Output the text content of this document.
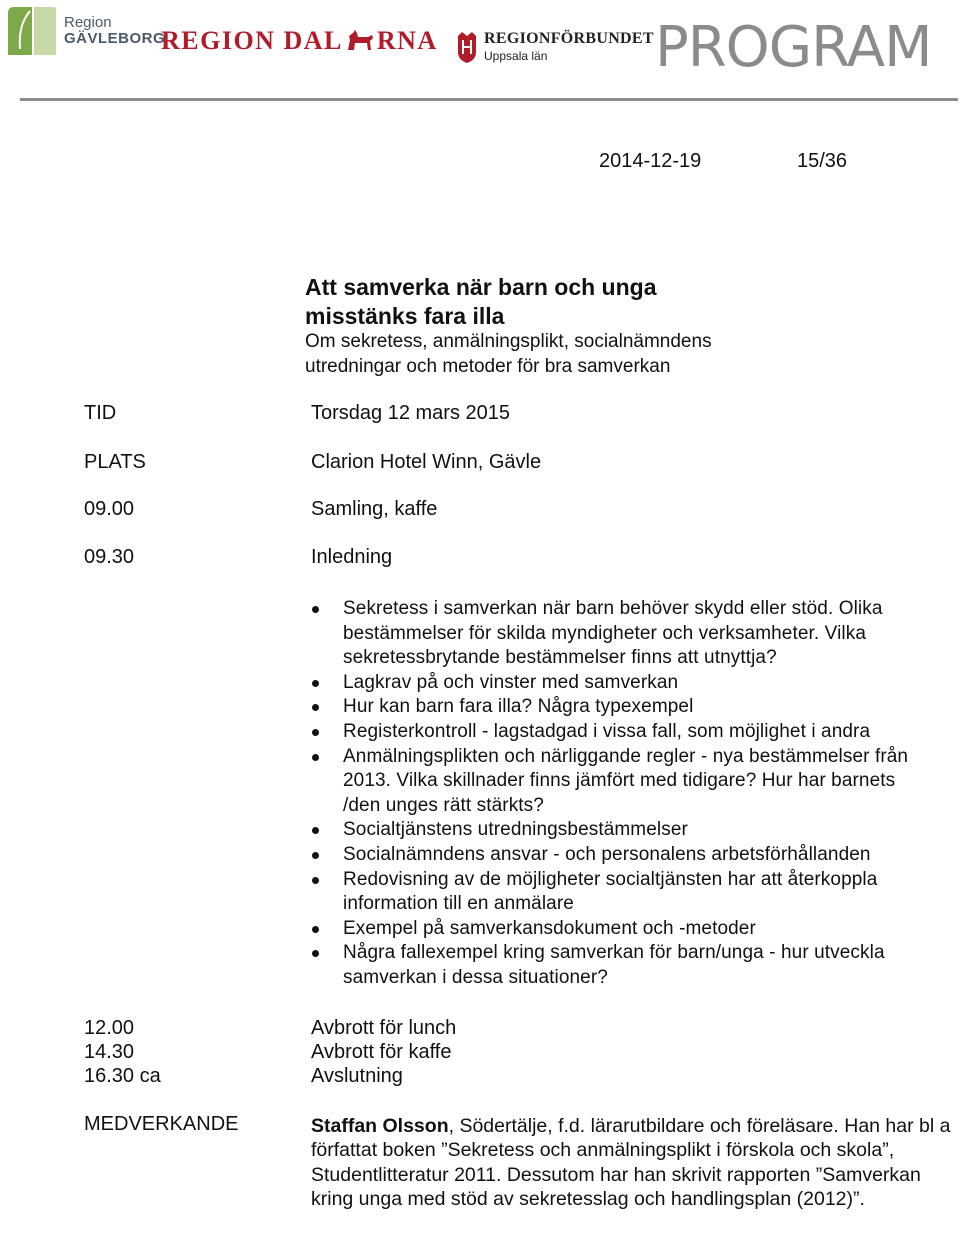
Region
GÄVLEBORG
REGION DAL RNA	REGIONFÖRBUNDET
Uppsala län	PROGRAM
2014-12-19	15/36
Att samverka när barn och unga misstänks fara illa
Om sekretess, anmälningsplikt, socialnämndens utredningar och metoder för bra samverkan
TID	Torsdag 12 mars 2015
PLATS	Clarion Hotel Winn, Gävle
09.00	Samling, kaffe
09.30	Inledning
Sekretess i samverkan när barn behöver skydd eller stöd. Olika bestämmelser för skilda myndigheter och verksamheter. Vilka sekretessbrytande bestämmelser finns att utnyttja?
Lagkrav på och vinster med samverkan
Hur kan barn fara illa? Några typexempel
Registerkontroll - lagstadgad i vissa fall, som möjlighet i andra
Anmälningsplikten och närliggande regler - nya bestämmelser från 2013. Vilka skillnader finns jämfört med tidigare? Hur har barnets /den unges rätt stärkts?
Socialtjänstens utredningsbestämmelser
Socialnämndens ansvar - och personalens arbetsförhållanden
Redovisning av de möjligheter socialtjänsten har att återkoppla information till en anmälare
Exempel på samverkansdokument och -metoder
Några fallexempel kring samverkan för barn/unga - hur utveckla samverkan i dessa situationer?
12.00	Avbrott för lunch
14.30	Avbrott för kaffe
16.30 ca	Avslutning
MEDVERKANDE	Staffan Olsson, Södertälje, f.d. lärarutbildare och föreläsare. Han har bl a författat boken ”Sekretess och anmälningsplikt i förskola och skola”, Studentlitteratur 2011. Dessutom har han skrivit rapporten ”Samverkan kring unga med stöd av sekretesslag och handlingsplan (2012)”.
